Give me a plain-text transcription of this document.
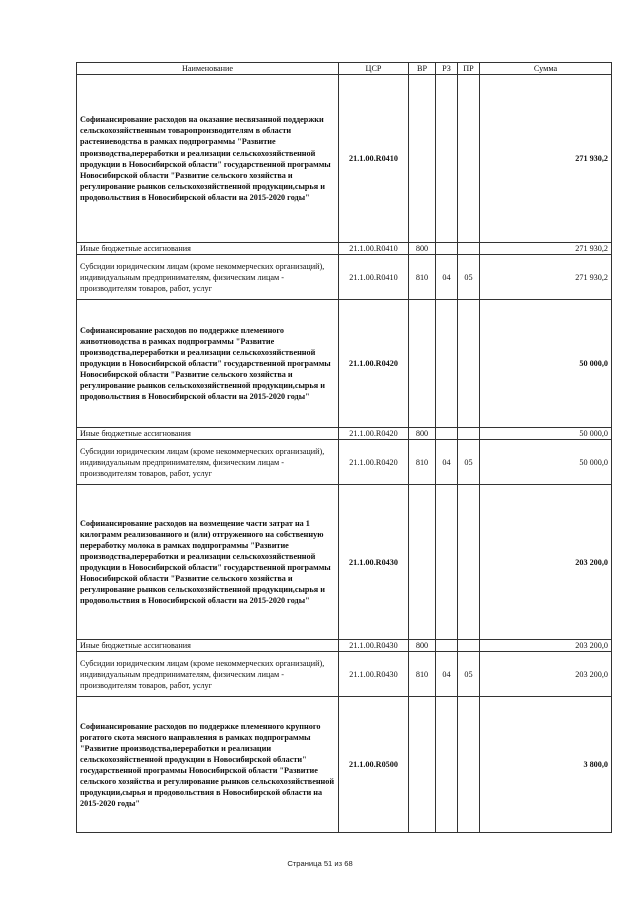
Наименование	ЦСР	ВР	РЗ	ПР	Сумма
Софинансирование расходов на оказание несвязанной поддержки сельскохозяйственным товаропроизводителям в области растениеводства в рамках подпрограммы "Развитие производства,переработки и реализации сельскохозяйственной продукции в Новосибирской области" государственной программы Новосибирской области "Развитие сельского хозяйства и регулирование рынков сельскохозяйственной продукции,сырья и продовольствия в Новосибирской области на 2015-2020 годы"	21.1.00.R0410				271 930,2
Иные бюджетные ассигнования	21.1.00.R0410	800			271 930,2
Субсидии юридическим лицам (кроме некоммерческих организаций), индивидуальным предпринимателям, физическим лицам - производителям товаров, работ, услуг	21.1.00.R0410	810	04	05	271 930,2
Софинансирование расходов по поддержке племенного животноводства в рамках подпрограммы "Развитие производства,переработки и реализации сельскохозяйственной продукции в Новосибирской области" государственной программы Новосибирской области "Развитие сельского хозяйства и регулирование рынков сельскохозяйственной продукции,сырья и продовольствия в Новосибирской области на 2015-2020 годы"	21.1.00.R0420				50 000,0
Иные бюджетные ассигнования	21.1.00.R0420	800			50 000,0
Субсидии юридическим лицам (кроме некоммерческих организаций), индивидуальным предпринимателям, физическим лицам - производителям товаров, работ, услуг	21.1.00.R0420	810	04	05	50 000,0
Софинансирование расходов на возмещение части затрат на 1 килограмм реализованного и (или) отгруженного на собственную переработку молока в рамках подпрограммы "Развитие производства,переработки и реализации сельскохозяйственной продукции в Новосибирской области" государственной программы Новосибирской области "Развитие сельского хозяйства и регулирование рынков сельскохозяйственной продукции,сырья и продовольствия в Новосибирской области на 2015-2020 годы"	21.1.00.R0430				203 200,0
Иные бюджетные ассигнования	21.1.00.R0430	800			203 200,0
Субсидии юридическим лицам (кроме некоммерческих организаций), индивидуальным предпринимателям, физическим лицам - производителям товаров, работ, услуг	21.1.00.R0430	810	04	05	203 200,0
Софинансирование расходов по поддержке племенного крупного рогатого скота мясного направления в рамках подпрограммы "Развитие производства,переработки и реализации сельскохозяйственной продукции в Новосибирской области" государственной программы Новосибирской области "Развитие сельского хозяйства и регулирование рынков сельскохозяйственной продукции,сырья и продовольствия в Новосибирской области на 2015-2020 годы"	21.1.00.R0500				3 800,0
Страница 51 из 68
